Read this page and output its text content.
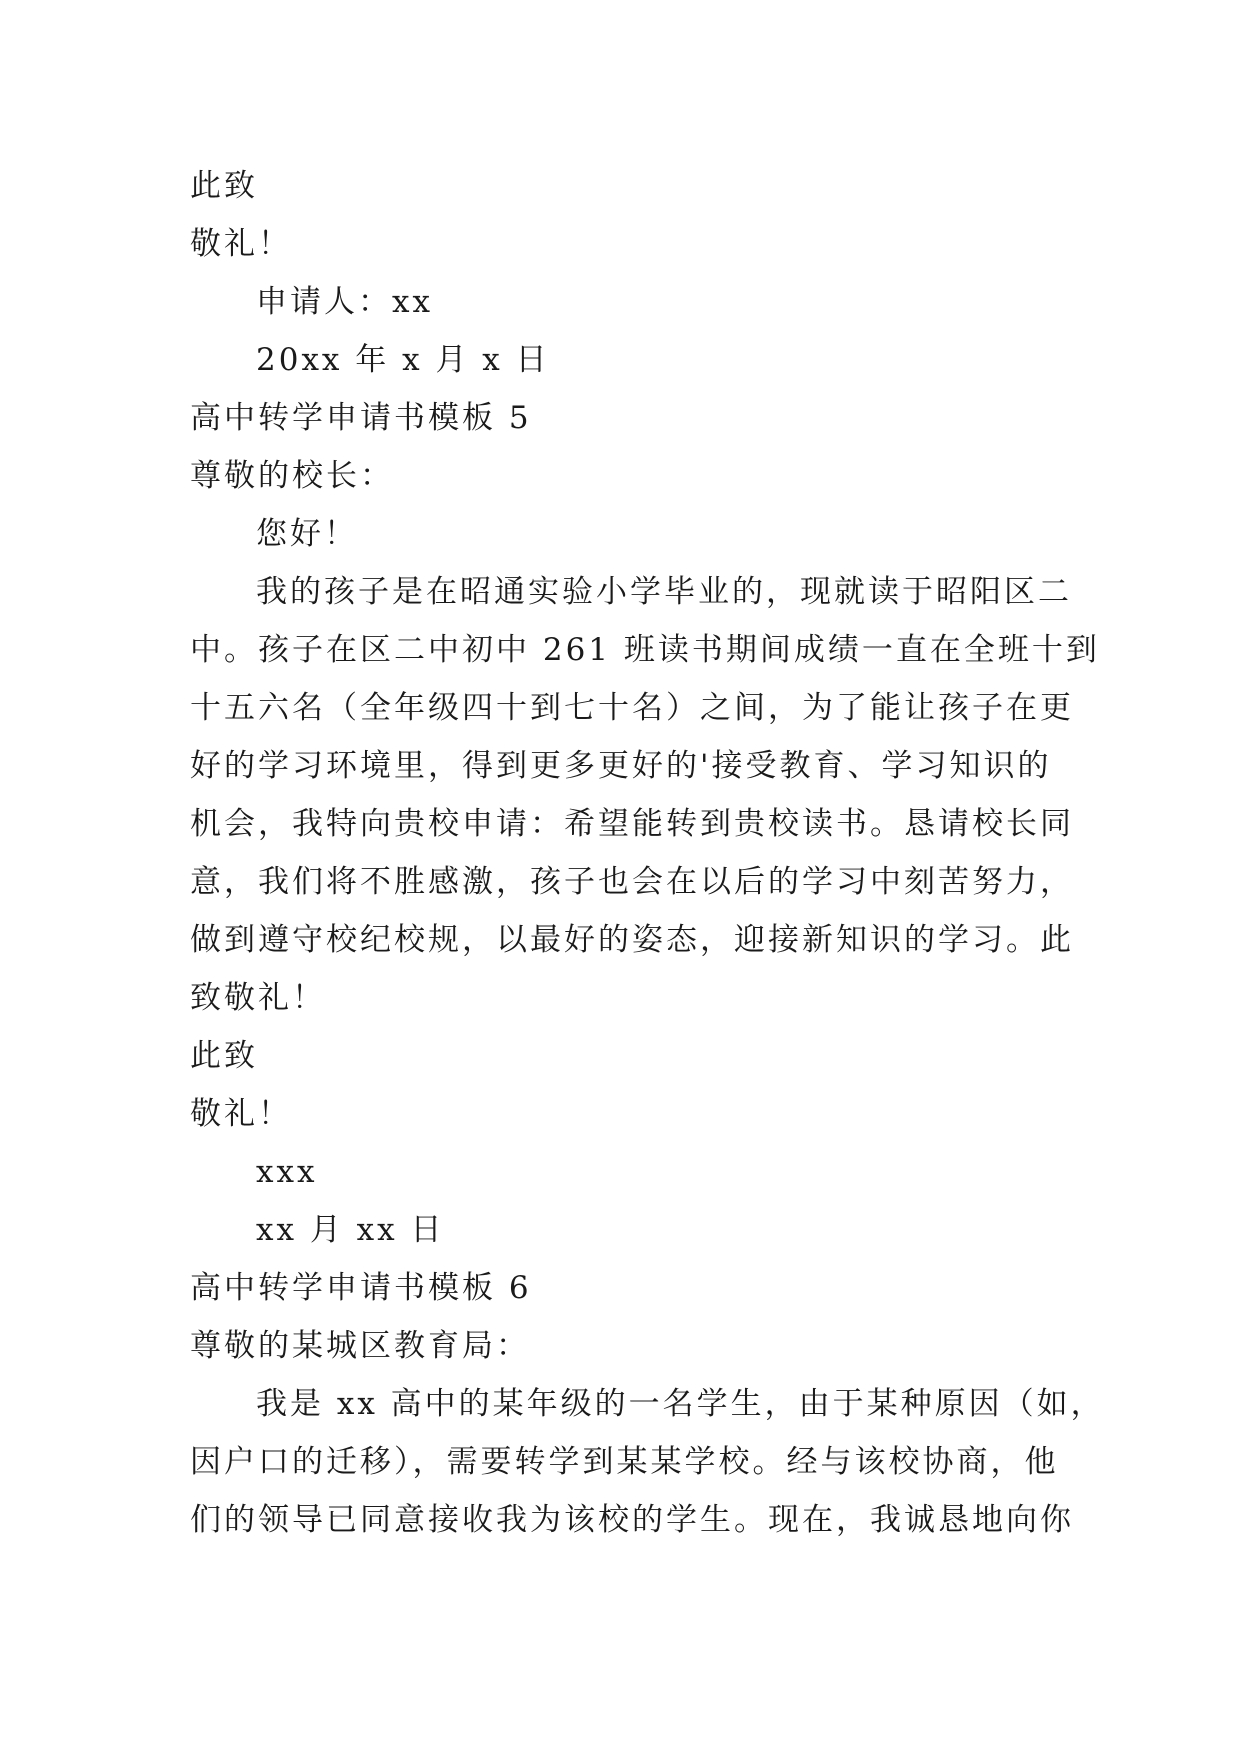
此致
敬礼！
申请人：xx
20xx 年 x 月 x 日
高中转学申请书模板 5
尊敬的校长：
您好！
我的孩子是在昭通实验小学毕业的，现就读于昭阳区二
中。孩子在区二中初中 261 班读书期间成绩一直在全班十到
十五六名（全年级四十到七十名）之间，为了能让孩子在更
好的学习环境里，得到更多更好的'接受教育、学习知识的
机会，我特向贵校申请：希望能转到贵校读书。恳请校长同
意，我们将不胜感激，孩子也会在以后的学习中刻苦努力，
做到遵守校纪校规，以最好的姿态，迎接新知识的学习。此
致敬礼！
此致
敬礼！
xxx
xx 月 xx 日
高中转学申请书模板 6
尊敬的某城区教育局：
我是 xx 高中的某年级的一名学生，由于某种原因（如，
因户口的迁移），需要转学到某某学校。经与该校协商，他
们的领导已同意接收我为该校的学生。现在，我诚恳地向你
